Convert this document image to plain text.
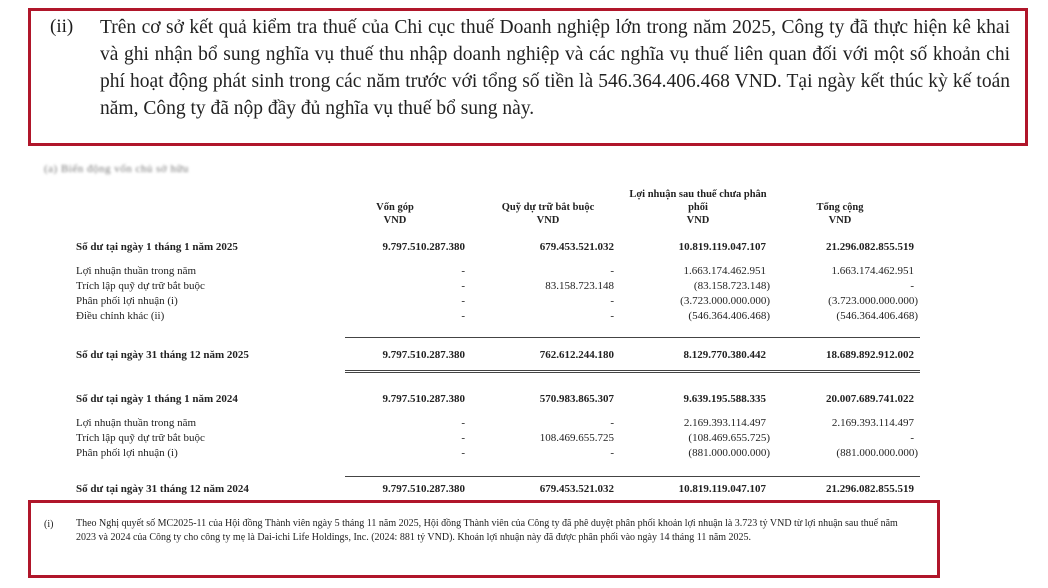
(ii) Trên cơ sở kết quả kiểm tra thuế của Chi cục thuế Doanh nghiệp lớn trong năm 2025, Công ty đã thực hiện kê khai và ghi nhận bổ sung nghĩa vụ thuế thu nhập doanh nghiệp và các nghĩa vụ thuế liên quan đối với một số khoản chi phí hoạt động phát sinh trong các năm trước với tổng số tiền là 546.364.406.468 VND. Tại ngày kết thúc kỳ kế toán năm, Công ty đã nộp đầy đủ nghĩa vụ thuế bổ sung này.
(a) Biến động vốn chủ sở hữu
Vốn góp
VND
Quỹ dự trữ bắt buộc
VND
Lợi nhuận sau thuế chưa phân phối
VND
Tổng cộng
VND
Số dư tại ngày 1 tháng 1 năm 2025	9.797.510.287.380	679.453.521.032	10.819.119.047.107	21.296.082.855.519
Lợi nhuận thuần trong năm	-	-	1.663.174.462.951	1.663.174.462.951
Trích lập quỹ dự trữ bắt buộc	-	83.158.723.148	(83.158.723.148)	-
Phân phối lợi nhuận (i)	-	-	(3.723.000.000.000)	(3.723.000.000.000)
Điều chỉnh khác (ii)	-	-	(546.364.406.468)	(546.364.406.468)
Số dư tại ngày 31 tháng 12 năm 2025	9.797.510.287.380	762.612.244.180	8.129.770.380.442	18.689.892.912.002
Số dư tại ngày 1 tháng 1 năm 2024	9.797.510.287.380	570.983.865.307	9.639.195.588.335	20.007.689.741.022
Lợi nhuận thuần trong năm	-	-	2.169.393.114.497	2.169.393.114.497
Trích lập quỹ dự trữ bắt buộc	-	108.469.655.725	(108.469.655.725)	-
Phân phối lợi nhuận (i)	-	-	(881.000.000.000)	(881.000.000.000)
Số dư tại ngày 31 tháng 12 năm 2024	9.797.510.287.380	679.453.521.032	10.819.119.047.107	21.296.082.855.519
(i) Theo Nghị quyết số MC2025-11 của Hội đồng Thành viên ngày 5 tháng 11 năm 2025, Hội đồng Thành viên của Công ty đã phê duyệt phân phối khoản lợi nhuận là 3.723 tỷ VND từ lợi nhuận sau thuế năm 2023 và 2024 của Công ty cho công ty mẹ là Dai-ichi Life Holdings, Inc. (2024: 881 tỷ VND). Khoản lợi nhuận này đã được phân phối vào ngày 14 tháng 11 năm 2025.
